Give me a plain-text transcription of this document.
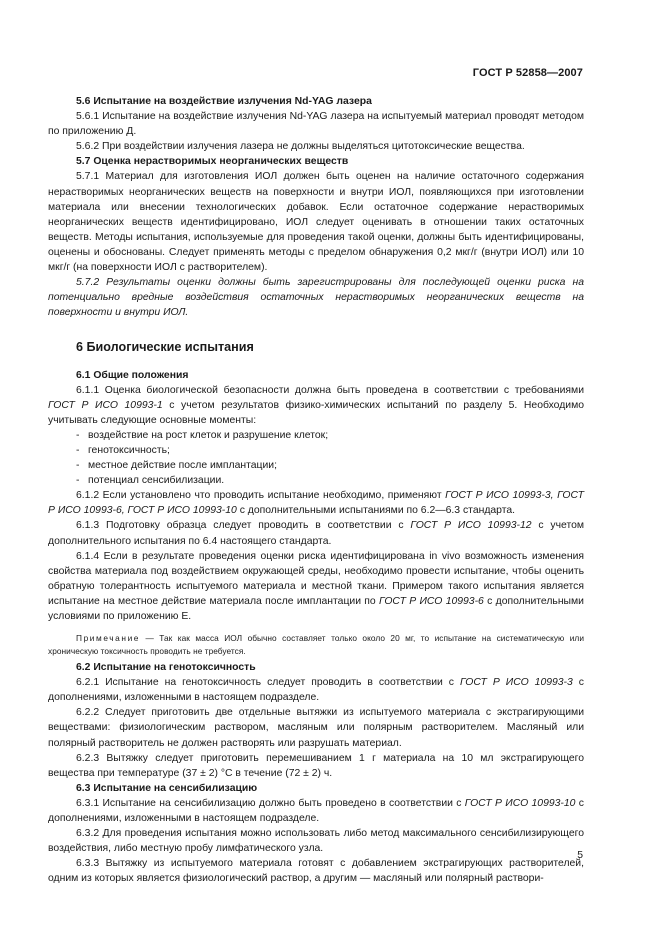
ГОСТ Р 52858—2007

5.6 Испытание на воздействие излучения Nd-YAG лазера

5.6.1 Испытание на воздействие излучения Nd-YAG лазера на испытуемый материал проводят методом по приложению Д.

5.6.2 При воздействии излучения лазера не должны выделяться цитотоксические вещества.

5.7 Оценка нерастворимых неорганических веществ

5.7.1 Материал для изготовления ИОЛ должен быть оценен на наличие остаточного содержания нерастворимых неорганических веществ на поверхности и внутри ИОЛ, появляющихся при изготовлении материала или внесении технологических добавок. Если остаточное содержание нерастворимых неорганических веществ идентифицировано, ИОЛ следует оценивать в отношении таких остаточных веществ. Методы испытания, используемые для проведения такой оценки, должны быть идентифицированы, оценены и обоснованы. Следует применять методы с пределом обнаружения 0,2 мкг/г (внутри ИОЛ) или 10 мкг/г (на поверхности ИОЛ с растворителем).

5.7.2 Результаты оценки должны быть зарегистрированы для последующей оценки риска на потенциально вредные воздействия остаточных нерастворимых неорганических веществ на поверхности и внутри ИОЛ.

6 Биологические испытания

6.1 Общие положения

6.1.1 Оценка биологической безопасности должна быть проведена в соответствии с требованиями ГОСТ Р ИСО 10993-1 с учетом результатов физико-химических испытаний по разделу 5. Необходимо учитывать следующие основные моменты:

- воздействие на рост клеток и разрушение клеток;

- генотоксичность;

- местное действие после имплантации;

- потенциал сенсибилизации.

6.1.2 Если установлено что проводить испытание необходимо, применяют ГОСТ Р ИСО 10993-3, ГОСТ Р ИСО 10993-6, ГОСТ Р ИСО 10993-10 с дополнительными испытаниями по 6.2—6.3 стандарта.

6.1.3 Подготовку образца следует проводить в соответствии с ГОСТ Р ИСО 10993-12 с учетом дополнительного испытания по 6.4 настоящего стандарта.

6.1.4 Если в результате проведения оценки риска идентифицирована in vivo возможность изменения свойства материала под воздействием окружающей среды, необходимо провести испытание, чтобы оценить обратную толерантность испытуемого материала и местной ткани. Примером такого испытания является испытание на местное действие материала после имплантации по ГОСТ Р ИСО 10993-6 с дополнительными условиями по приложению Е.

Примечание — Так как масса ИОЛ обычно составляет только около 20 мг, то испытание на систематическую или хроническую токсичность проводить не требуется.

6.2 Испытание на генотоксичность

6.2.1 Испытание на генотоксичность следует проводить в соответствии с ГОСТ Р ИСО 10993-3 с дополнениями, изложенными в настоящем подразделе.

6.2.2 Следует приготовить две отдельные вытяжки из испытуемого материала с экстрагирующими веществами: физиологическим раствором, масляным или полярным растворителем. Масляный или полярный растворитель не должен растворять или разрушать материал.

6.2.3 Вытяжку следует приготовить перемешиванием 1 г материала на 10 мл экстрагирующего вещества при температуре (37 ± 2) °С в течение (72 ± 2) ч.

6.3 Испытание на сенсибилизацию

6.3.1 Испытание на сенсибилизацию должно быть проведено в соответствии с ГОСТ Р ИСО 10993-10 с дополнениями, изложенными в настоящем подразделе.

6.3.2 Для проведения испытания можно использовать либо метод максимального сенсибилизирующего воздействия, либо местную пробу лимфатического узла.

6.3.3 Вытяжку из испытуемого материала готовят с добавлением экстрагирующих растворителей, одним из которых является физиологический раствор, а другим — масляный или полярный раствори-

5
